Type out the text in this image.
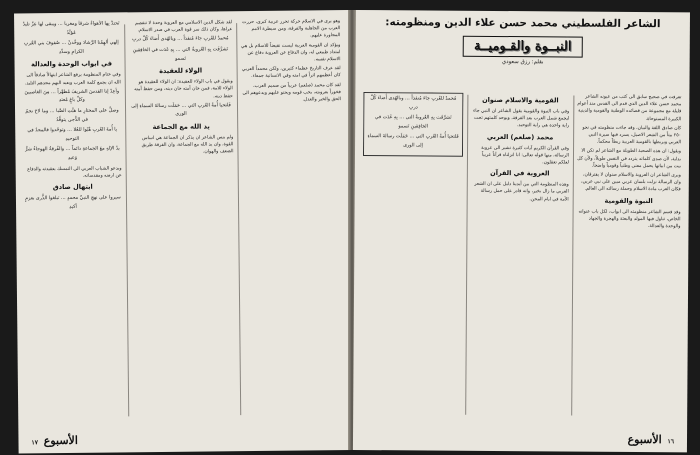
تَحتدُّ بِها الأهواءُ شرقاً ومغرباً … ويبقى لها عِزٌّ تليدٌ مُؤبَّدُ

إلهي ألهِمْنا الرَّشادَ ووحِّدنْ … صُفوفَ بني العُربِ الكرامِ وسدِّدِ

في ابواب الوحدة والعدالة

وفي ختام المنظومة يرفع الشاعر ابتهالاً صادقاً الى الله ان يجمع كلمة العرب ويعيد اليهم مجدهم التليد.

وأعِدْ لِنا القدسَ الشريفَ مُطهَّراً … مِنَ الغاصبينَ وكلِّ باغٍ مُعتدِ

وصلِّ على المختارِ ما هبَّتِ الصَّبا … وما لاحَ نجمٌ في الدُّجى يتوقَّدُ

يا أُمةَ العُربِ هُبّوا للعُلا … وتوحّدوا فالمجدُ في التوحيدِ

يدُ الإلهِ معَ الجماعةِ دائماً … والفُرقةُ الهوجاءُ شرُّ وَعيدِ

ويدعو الشباب العربي الى التمسك بعقيدته والدفاع عن ارضه ومقدساته.

ابتهال صادق

سيروا على نهجِ النبيِّ محمدٍ … تبلغوا الذُّرى بعزمٍ أكيدِ

لقد شكل الدين الاسلامي مع العروبة وحدة لا تنفصم عراها، وكان ذلك سر قوة العرب في صدر الاسلام.

مُحمدٌ للعُربِ جاءَ مُنقذاً … وبالهُدى أَضاءَ كُلَّ دربِ

تَشرَّفَت بِهِ العُروبةُ التي … بِهِ غَدَت في الخافِقينِ تَسمو

الولاء للعقيدة

ويقول في باب الولاء للعقيدة: ان الولاء للعقيدة هو الولاء للامة، فمن خان أمته خان دينه، ومن حفظ أمته حفظ دينه.

فَلتحيا أُمةُ العُربِ التي … حَمَلَت رسالةَ السماءِ إلى الورى

يد الله مع الجماعة

ولم ينس الشاعر ان يذكر ان الجماعة هي اساس القوة، وان يد الله مع الجماعة، وان الفرقة طريق الضعف والهوان.

وهو يرى في الاسلام حركة تحرر عربية كبرى، حررت العرب من الجاهلية والفرقة، ومن سيطرة الامم المجاورة عليهم.

ويؤكد ان القومية العربية ليست نقيضاً للاسلام بل هي امتداد طبيعي له، وان الدفاع عن العروبة دفاع عن الاسلام نفسه.

لقد عرف التاريخ عظماء كثيرين، ولكن محمداً العربي كان أعظمهم اثراً في امته وفي الانسانية جمعاء.

لقد كان محمد (صلعم) عربياً من صميم العرب، فخوراً بعروبته، يحب قومه ويحنو عليهم ويدعوهم الى الحق والخير والعدل.

الأسبوع ١٧
الشاعر الفلسطيني محمد حسن علاء الدين ومنظومته:
النبــوة والقـوميــة
بقلم: رزق سعودي

تعرفت في صحيح سابق الى كتب من عيونه الشاعر محمد حسن علاء الدين الذي قدم الى القدس منذ أعوام قليلة مع مجموعة من قصائده الوطنية والقومية والدينية الكبيرة المستوحاة.

كان صادق اللغة والبيان، وقد جاءت منظومته في نحو ٢٥٠ بيتاً من الشعر الاصيل، يسرد فيها سيرة النبي العربي ويربطها بالقومية العربية ربطاً محكماً.

ويقول: ان هذه الصحبة الطويلة مع الشاعر لم تكن الا بداية، لأن صدى كلماته يتردد في النفس طويلاً، ولأن كل بيت من ابياتها يحمل معنى وطنياً وقومياً واضحاً.

ويرى الشاعر ان العروبة والاسلام صنوان لا يفترقان، وان الرسالة نزلت بلسان عربي مبين على نبي عربي، فكان العرب مادة الاسلام وحملة رسالته الى العالم.

النبوة والقومية

وقد قسم الشاعر منظومته الى ابواب، لكل باب عنوانه الخاص، تناول فيها المولد والبعثة والهجرة والجهاد والوحدة والعدالة.

القومية والاسلام صنوان

وفي باب النبوة والقومية يقول الشاعر ان النبي جاء ليجمع شمل العرب بعد الفرقة، ويوحد كلمتهم تحت راية واحدة هي راية التوحيد.

محمد (صلعم) العربي

وفي القرآن الكريم آيات كثيرة تشير الى عروبة الرسالة، منها قوله تعالى: انا انزلناه قرآناً عربياً لعلكم تعقلون.

العروبة في القرآن

وهذه المنظومة التي بين أيدينا دليل على ان الشعر العربي ما زال بخير، وانه قادر على حمل رسالة الأمة في ايام المحن.

مُحمدٌ للعُربِ جاءَ مُنقذاً … وبالهُدى أَضاءَ كُلَّ دربِ

تَشرَّفَت بِهِ العُروبةُ التي … بِهِ غَدَت في الخافِقينِ تَسمو

فَلتحيا أُمةُ العُربِ التي … حَمَلَت رسالةَ السماءِ إلى الورى

١٦ الأسبوع
